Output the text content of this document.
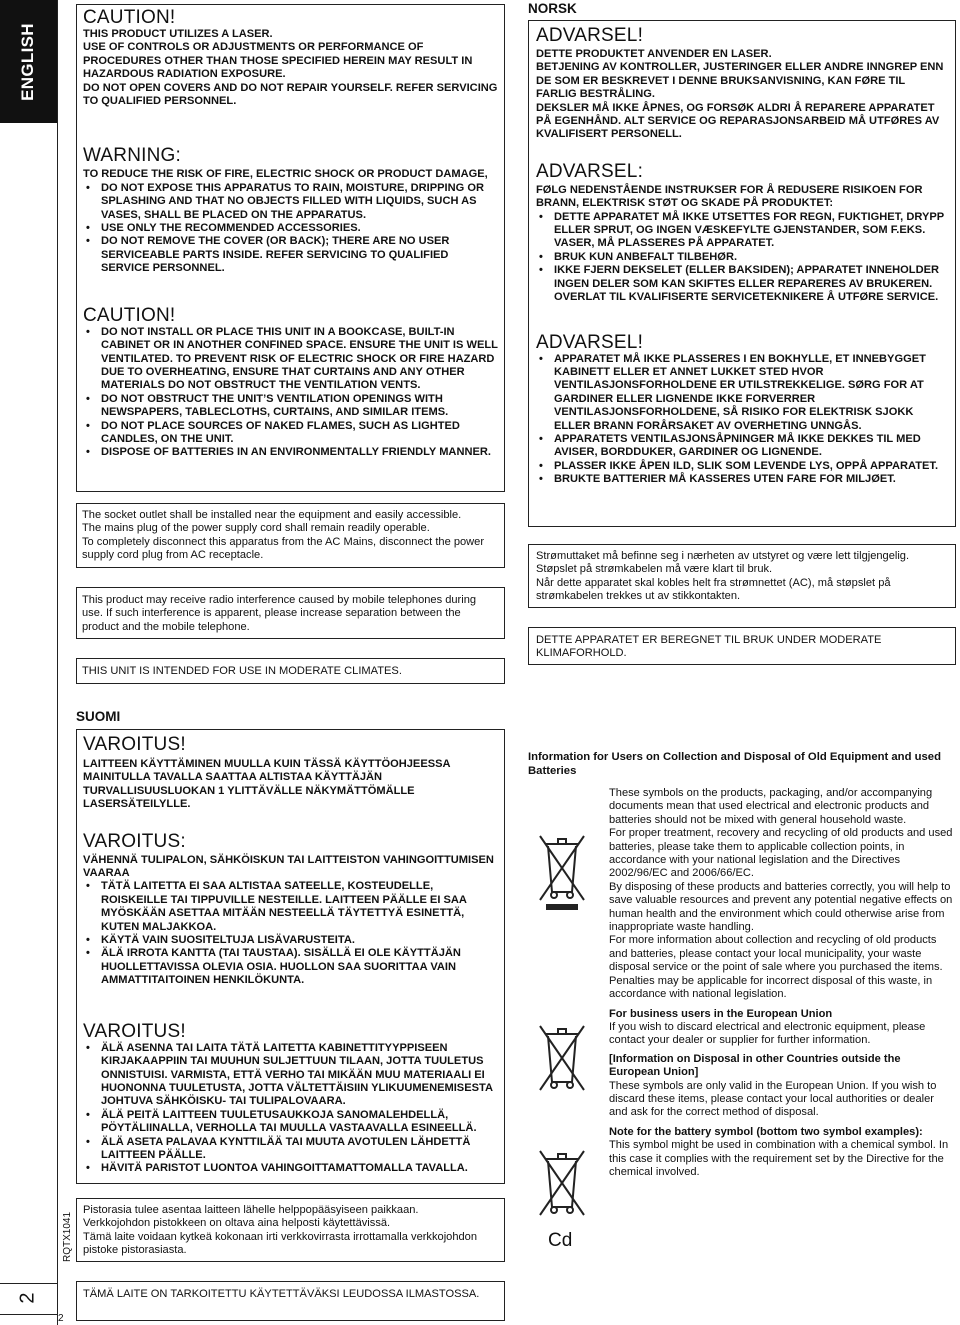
ENGLISH
RQTX1041
2
2
CAUTION!

THIS PRODUCT UTILIZES A LASER.
USE OF CONTROLS OR ADJUSTMENTS OR PERFORMANCE OF PROCEDURES OTHER THAN THOSE SPECIFIED HEREIN MAY RESULT IN HAZARDOUS RADIATION EXPOSURE.
DO NOT OPEN COVERS AND DO NOT REPAIR YOURSELF. REFER SERVICING TO QUALIFIED PERSONNEL.

WARNING:

TO REDUCE THE RISK OF FIRE, ELECTRIC SHOCK OR PRODUCT DAMAGE,

• DO NOT EXPOSE THIS APPARATUS TO RAIN, MOISTURE, DRIPPING OR SPLASHING AND THAT NO OBJECTS FILLED WITH LIQUIDS, SUCH AS VASES, SHALL BE PLACED ON THE APPARATUS.
• USE ONLY THE RECOMMENDED ACCESSORIES.
• DO NOT REMOVE THE COVER (OR BACK); THERE ARE NO USER SERVICEABLE PARTS INSIDE. REFER SERVICING TO QUALIFIED SERVICE PERSONNEL.
CAUTION!
• DO NOT INSTALL OR PLACE THIS UNIT IN A BOOKCASE, BUILT-IN CABINET OR IN ANOTHER CONFINED SPACE. ENSURE THE UNIT IS WELL VENTILATED. TO PREVENT RISK OF ELECTRIC SHOCK OR FIRE HAZARD DUE TO OVERHEATING, ENSURE THAT CURTAINS AND ANY OTHER MATERIALS DO NOT OBSTRUCT THE VENTILATION VENTS.
• DO NOT OBSTRUCT THE UNIT’S VENTILATION OPENINGS WITH NEWSPAPERS, TABLECLOTHS, CURTAINS, AND SIMILAR ITEMS.
• DO NOT PLACE SOURCES OF NAKED FLAMES, SUCH AS LIGHTED CANDLES, ON THE UNIT.
• DISPOSE OF BATTERIES IN AN ENVIRONMENTALLY FRIENDLY MANNER.

The socket outlet shall be installed near the equipment and easily accessible.
The mains plug of the power supply cord shall remain readily operable.
To completely disconnect this apparatus from the AC Mains, disconnect the power supply cord plug from AC receptacle.

This product may receive radio interference caused by mobile telephones during use. If such interference is apparent, please increase separation between the product and the mobile telephone.

THIS UNIT IS INTENDED FOR USE IN MODERATE CLIMATES.

NORSK
ADVARSEL!

DETTE PRODUKTET ANVENDER EN LASER.
BETJENING AV KONTROLLER, JUSTERINGER ELLER ANDRE INNGREP ENN DE SOM ER BESKREVET I DENNE BRUKSANVISNING, KAN FØRE TIL FARLIG BESTRÅLING.
DEKSLER MÅ IKKE ÅPNES, OG FORSØK ALDRI Å REPARERE APPARATET PÅ EGENHÅND. ALT SERVICE OG REPARASJONSARBEID MÅ UTFØRES AV KVALIFISERT PERSONELL.

ADVARSEL:

FØLG NEDENSTÅENDE INSTRUKSER FOR Å REDUSERE RISIKOEN FOR BRANN, ELEKTRISK STØT OG SKADE PÅ PRODUKTET:

• DETTE APPARATET MÅ IKKE UTSETTES FOR REGN, FUKTIGHET, DRYPP ELLER SPRUT, OG INGEN VÆSKEFYLTE GJENSTANDER, SOM F.EKS. VASER, MÅ PLASSERES PÅ APPARATET.
• BRUK KUN ANBEFALT TILBEHØR.
• IKKE FJERN DEKSELET (ELLER BAKSIDEN); APPARATET INNEHOLDER INGEN DELER SOM KAN SKIFTES ELLER REPARERES AV BRUKEREN. OVERLAT TIL KVALIFISERTE SERVICETEKNIKERE Å UTFØRE SERVICE.
ADVARSEL!
• APPARATET MÅ IKKE PLASSERES I EN BOKHYLLE, ET INNEBYGGET KABINETT ELLER ET ANNET LUKKET STED HVOR VENTILASJONSFORHOLDENE ER UTILSTREKKELIGE. SØRG FOR AT GARDINER ELLER LIGNENDE IKKE FORVERRER VENTILASJONSFORHOLDENE, SÅ RISIKO FOR ELEKTRISK SJOKK ELLER BRANN FORÅRSAKET AV OVERHETING UNNGÅS.
• APPARATETS VENTILASJONSÅPNINGER MÅ IKKE DEKKES TIL MED AVISER, BORDDUKER, GARDINER OG LIGNENDE.
• PLASSER IKKE ÅPEN ILD, SLIK SOM LEVENDE LYS, OPPÅ APPARATET.
• BRUKTE BATTERIER MÅ KASSERES UTEN FARE FOR MILJØET.

Strømuttaket må befinne seg i nærheten av utstyret og være lett tilgjengelig.
Støpslet på strømkabelen må være klart til bruk.
Når dette apparatet skal kobles helt fra strømnettet (AC), må støpslet på strømkabelen trekkes ut av stikkontakten.

DETTE APPARATET ER BEREGNET TIL BRUK UNDER MODERATE KLIMAFORHOLD.

SUOMI
VAROITUS!

LAITTEEN KÄYTTÄMINEN MUULLA KUIN TÄSSÄ KÄYTTÖOHJEESSA MAINITULLA TAVALLA SAATTAA ALTISTAA KÄYTTÄJÄN TURVALLISUUSLUOKAN 1 YLITTÄVÄLLE NÄKYMÄTTÖMÄLLE LASERSÄTEILYLLE.

VAROITUS:

VÄHENNÄ TULIPALON, SÄHKÖISKUN TAI LAITTEISTON VAHINGOITTUMISEN VAARAA

• TÄTÄ LAITETTA EI SAA ALTISTAA SATEELLE, KOSTEUDELLE, ROISKEILLE TAI TIPPUVILLE NESTEILLE. LAITTEEN PÄÄLLE EI SAA MYÖSKÄÄN ASETTAA MITÄÄN NESTEELLÄ TÄYTETTYÄ ESINETTÄ, KUTEN MALJAKKOA.
• KÄYTÄ VAIN SUOSITELTUJA LISÄVARUSTEITA.
• ÄLÄ IRROTA KANTTA (TAI TAUSTAA). SISÄLLÄ EI OLE KÄYTTÄJÄN HUOLLETTAVISSA OLEVIA OSIA. HUOLLON SAA SUORITTAA VAIN AMMATTITAITOINEN HENKILÖKUNTA.
VAROITUS!
• ÄLÄ ASENNA TAI LAITA TÄTÄ LAITETTA KABINETTITYYPPISEEN KIRJAKAAPPIIN TAI MUUHUN SULJETTUUN TILAAN, JOTTA TUULETUS ONNISTUISI. VARMISTA, ETTÄ VERHO TAI MIKÄÄN MUU MATERIAALI EI HUONONNA TUULETUSTA, JOTTA VÄLTETTÄISIIN YLIKUUMENEMISESTA JOHTUVA SÄHKÖISKU- TAI TULIPALOVAARA.
• ÄLÄ PEITÄ LAITTEEN TUULETUSAUKKOJA SANOMALEHDELLÄ, PÖYTÄLIINALLA, VERHOLLA TAI MUULLA VASTAAVALLA ESINEELLÄ.
• ÄLÄ ASETA PALAVAA KYNTTILÄÄ TAI MUUTA AVOTULEN LÄHDETTÄ LAITTEEN PÄÄLLE.
• HÄVITÄ PARISTOT LUONTOA VAHINGOITTAMATTOMALLA TAVALLA.

Pistorasia tulee asentaa laitteen lähelle helppopääsyiseen paikkaan.
Verkkojohdon pistokkeen on oltava aina helposti käytettävissä.
Tämä laite voidaan kytkeä kokonaan irti verkkovirrasta irrottamalla verkkojohdon pistoke pistorasiasta.

TÄMÄ LAITE ON TARKOITETTU KÄYTETTÄVÄKSI LEUDOSSA ILMASTOSSA.

Information for Users on Collection and Disposal of Old Equipment and used Batteries
Cd

These symbols on the products, packaging, and/or accompanying documents mean that used electrical and electronic products and batteries should not be mixed with general household waste.

For proper treatment, recovery and recycling of old products and used batteries, please take them to applicable collection points, in accordance with your national legislation and the Directives 2002/96/EC and 2006/66/EC.

By disposing of these products and batteries correctly, you will help to save valuable resources and prevent any potential negative effects on human health and the environment which could otherwise arise from inappropriate waste handling.

For more information about collection and recycling of old products and batteries, please contact your local municipality, your waste disposal service or the point of sale where you purchased the items.

Penalties may be applicable for incorrect disposal of this waste, in accordance with national legislation.

For business users in the European Union

If you wish to discard electrical and electronic equipment, please contact your dealer or supplier for further information.

[Information on Disposal in other Countries outside the European Union]

These symbols are only valid in the European Union. If you wish to discard these items, please contact your local authorities or dealer and ask for the correct method of disposal.

Note for the battery symbol (bottom two symbol examples):

This symbol might be used in combination with a chemical symbol. In this case it complies with the requirement set by the Directive for the chemical involved.
